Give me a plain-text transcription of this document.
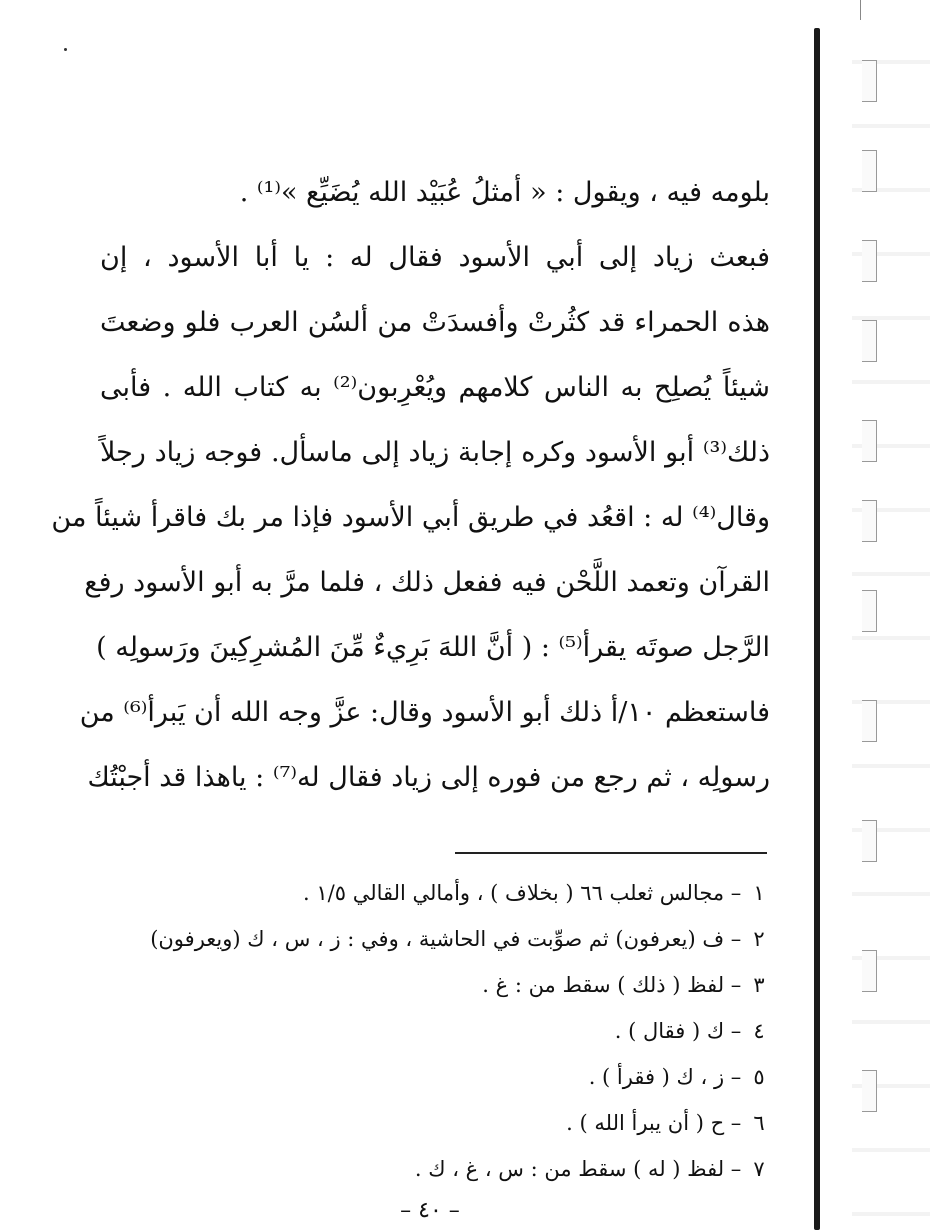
بلومه فيه ، ويقول : « أمثلُ عُبَيْد الله يُضَيِّع »⁽¹⁾ .
فبعث زياد إلى أبي الأسود فقال له : يا أبا الأسود ، إن
هذه الحمراء قد كثُرتْ وأفسدَتْ من ألسُن العرب فلو وضعتَ
شيئاً يُصلِح به الناس كلامهم ويُعْرِبون⁽²⁾ به كتاب الله . فأبى
ذلك⁽³⁾ أبو الأسود وكره إجابة زياد إلى ماسأل. فوجه زياد رجلاً
وقال⁽⁴⁾ له : اقعُد في طريق أبي الأسود فإذا مر بك فاقرأ شيئاً من
القرآن وتعمد اللَّحْن فيه ففعل ذلك ، فلما مرَّ به أبو الأسود رفع
الرَّجل صوتَه يقرأ⁽⁵⁾ : ( أنَّ اللهَ بَرِيءٌ مِّنَ المُشرِكِينَ ورَسولِه )
فاستعظم ١٠/أ ذلك أبو الأسود وقال: عزَّ وجه الله أن يَبرأ⁽⁶⁾ من
رسولِه ، ثم رجع من فوره إلى زياد فقال له⁽⁷⁾ : ياهذا قد أجبْتُك
١ – مجالس ثعلب ٦٦ ( بخلاف ) ، وأمالي القالي ١/٥ .
٢ – ف (يعرفون) ثم صوِّبت في الحاشية ، وفي : ز ، س ، ك (ويعرفون)
٣ – لفظ ( ذلك ) سقط من : غ .
٤ – ك ( فقال ) .
٥ – ز ، ك ( فقرأ ) .
٦ – ح ( أن يبرأ الله ) .
٧ – لفظ ( له ) سقط من : س ، غ ، ك .
– ٤٠ –
